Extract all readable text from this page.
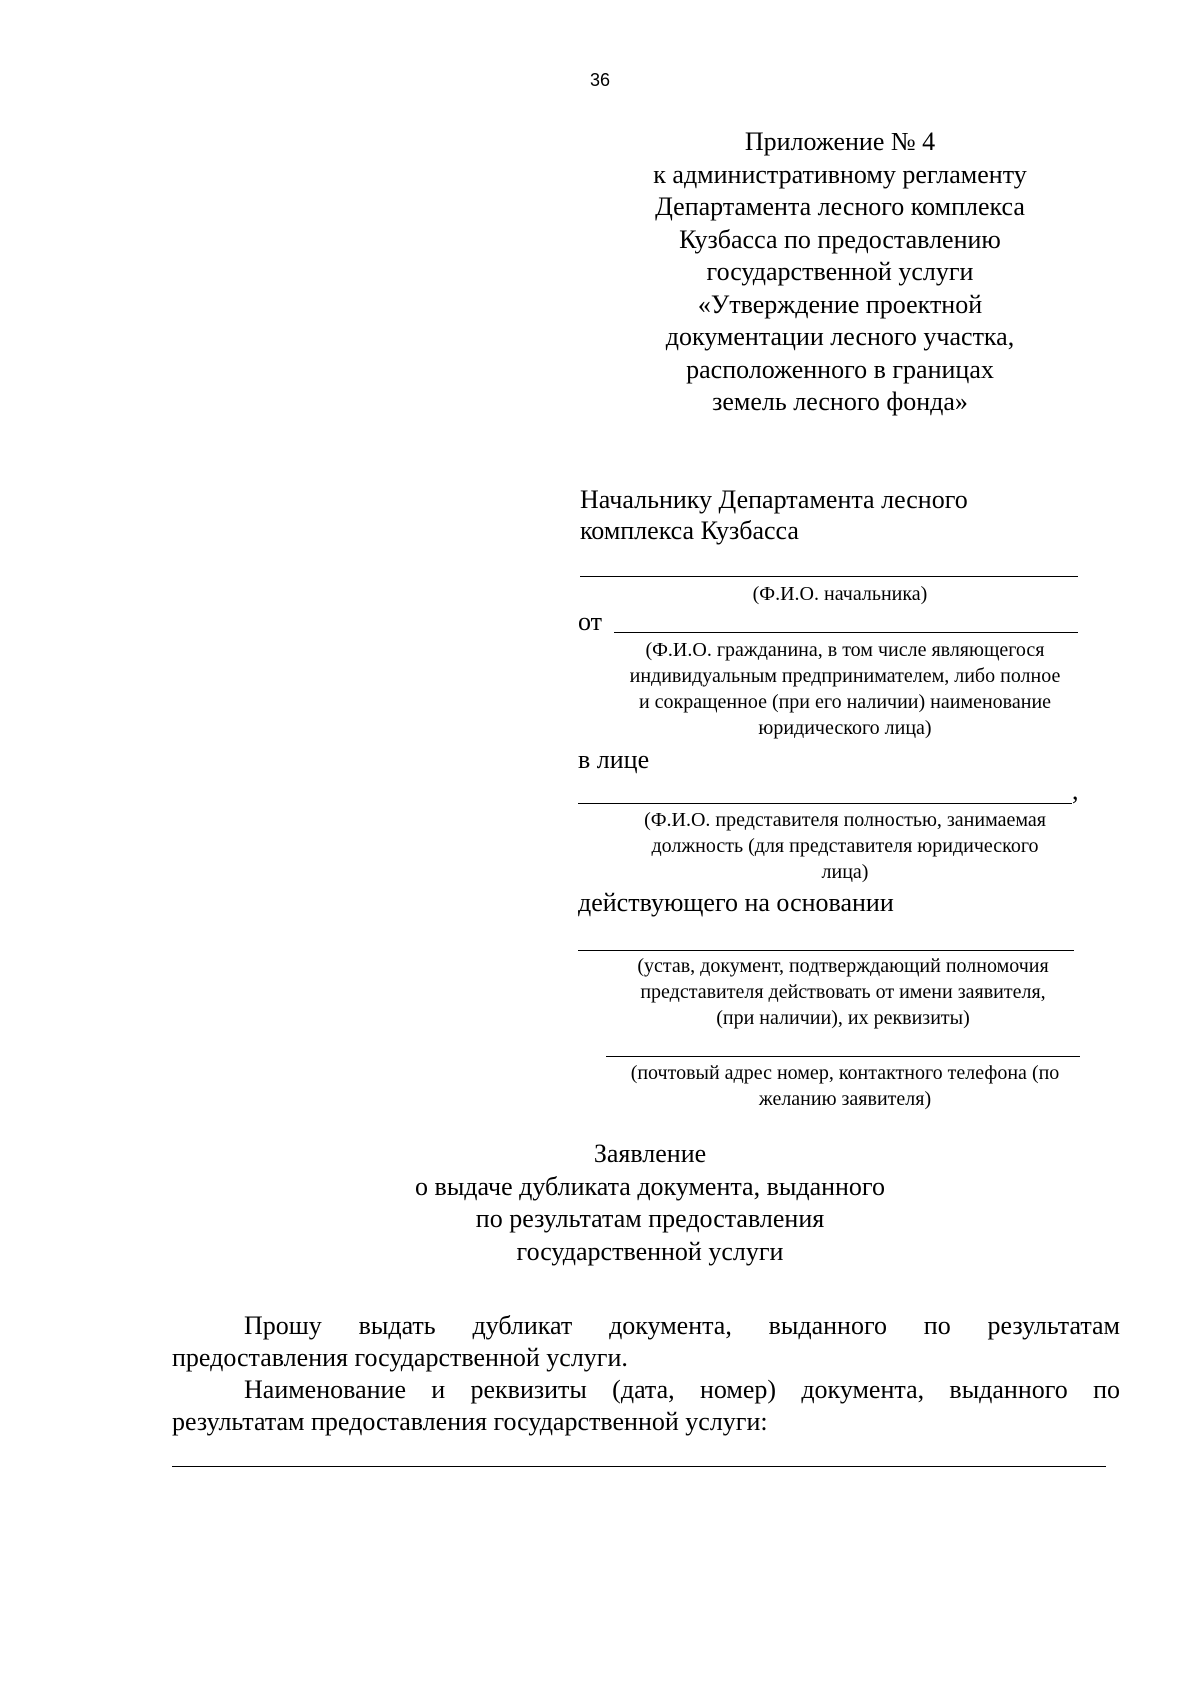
36
Приложение № 4
к административному регламенту
Департамента лесного комплекса
Кузбасса по предоставлению
государственной услуги
«Утверждение проектной
документации лесного участка,
расположенного в границах
земель лесного фонда»
Начальнику Департамента лесного
комплекса Кузбасса
(Ф.И.О. начальника)
от
(Ф.И.О. гражданина, в том числе являющегося
индивидуальным предпринимателем, либо полное
и сокращенное (при его наличии) наименование
юридического лица)
в лице
,
(Ф.И.О. представителя полностью, занимаемая
должность (для представителя юридического
лица)
действующего на основании
(устав, документ, подтверждающий полномочия
представителя действовать от имени заявителя,
(при наличии), их реквизиты)
(почтовый адрес номер, контактного телефона (по
желанию заявителя)
Заявление
о выдаче дубликата документа, выданного
по результатам предоставления
государственной услуги
Прошу выдать дубликат документа, выданного по результатам
предоставления государственной услуги.
Наименование и реквизиты (дата, номер) документа, выданного по
результатам предоставления государственной услуги:
